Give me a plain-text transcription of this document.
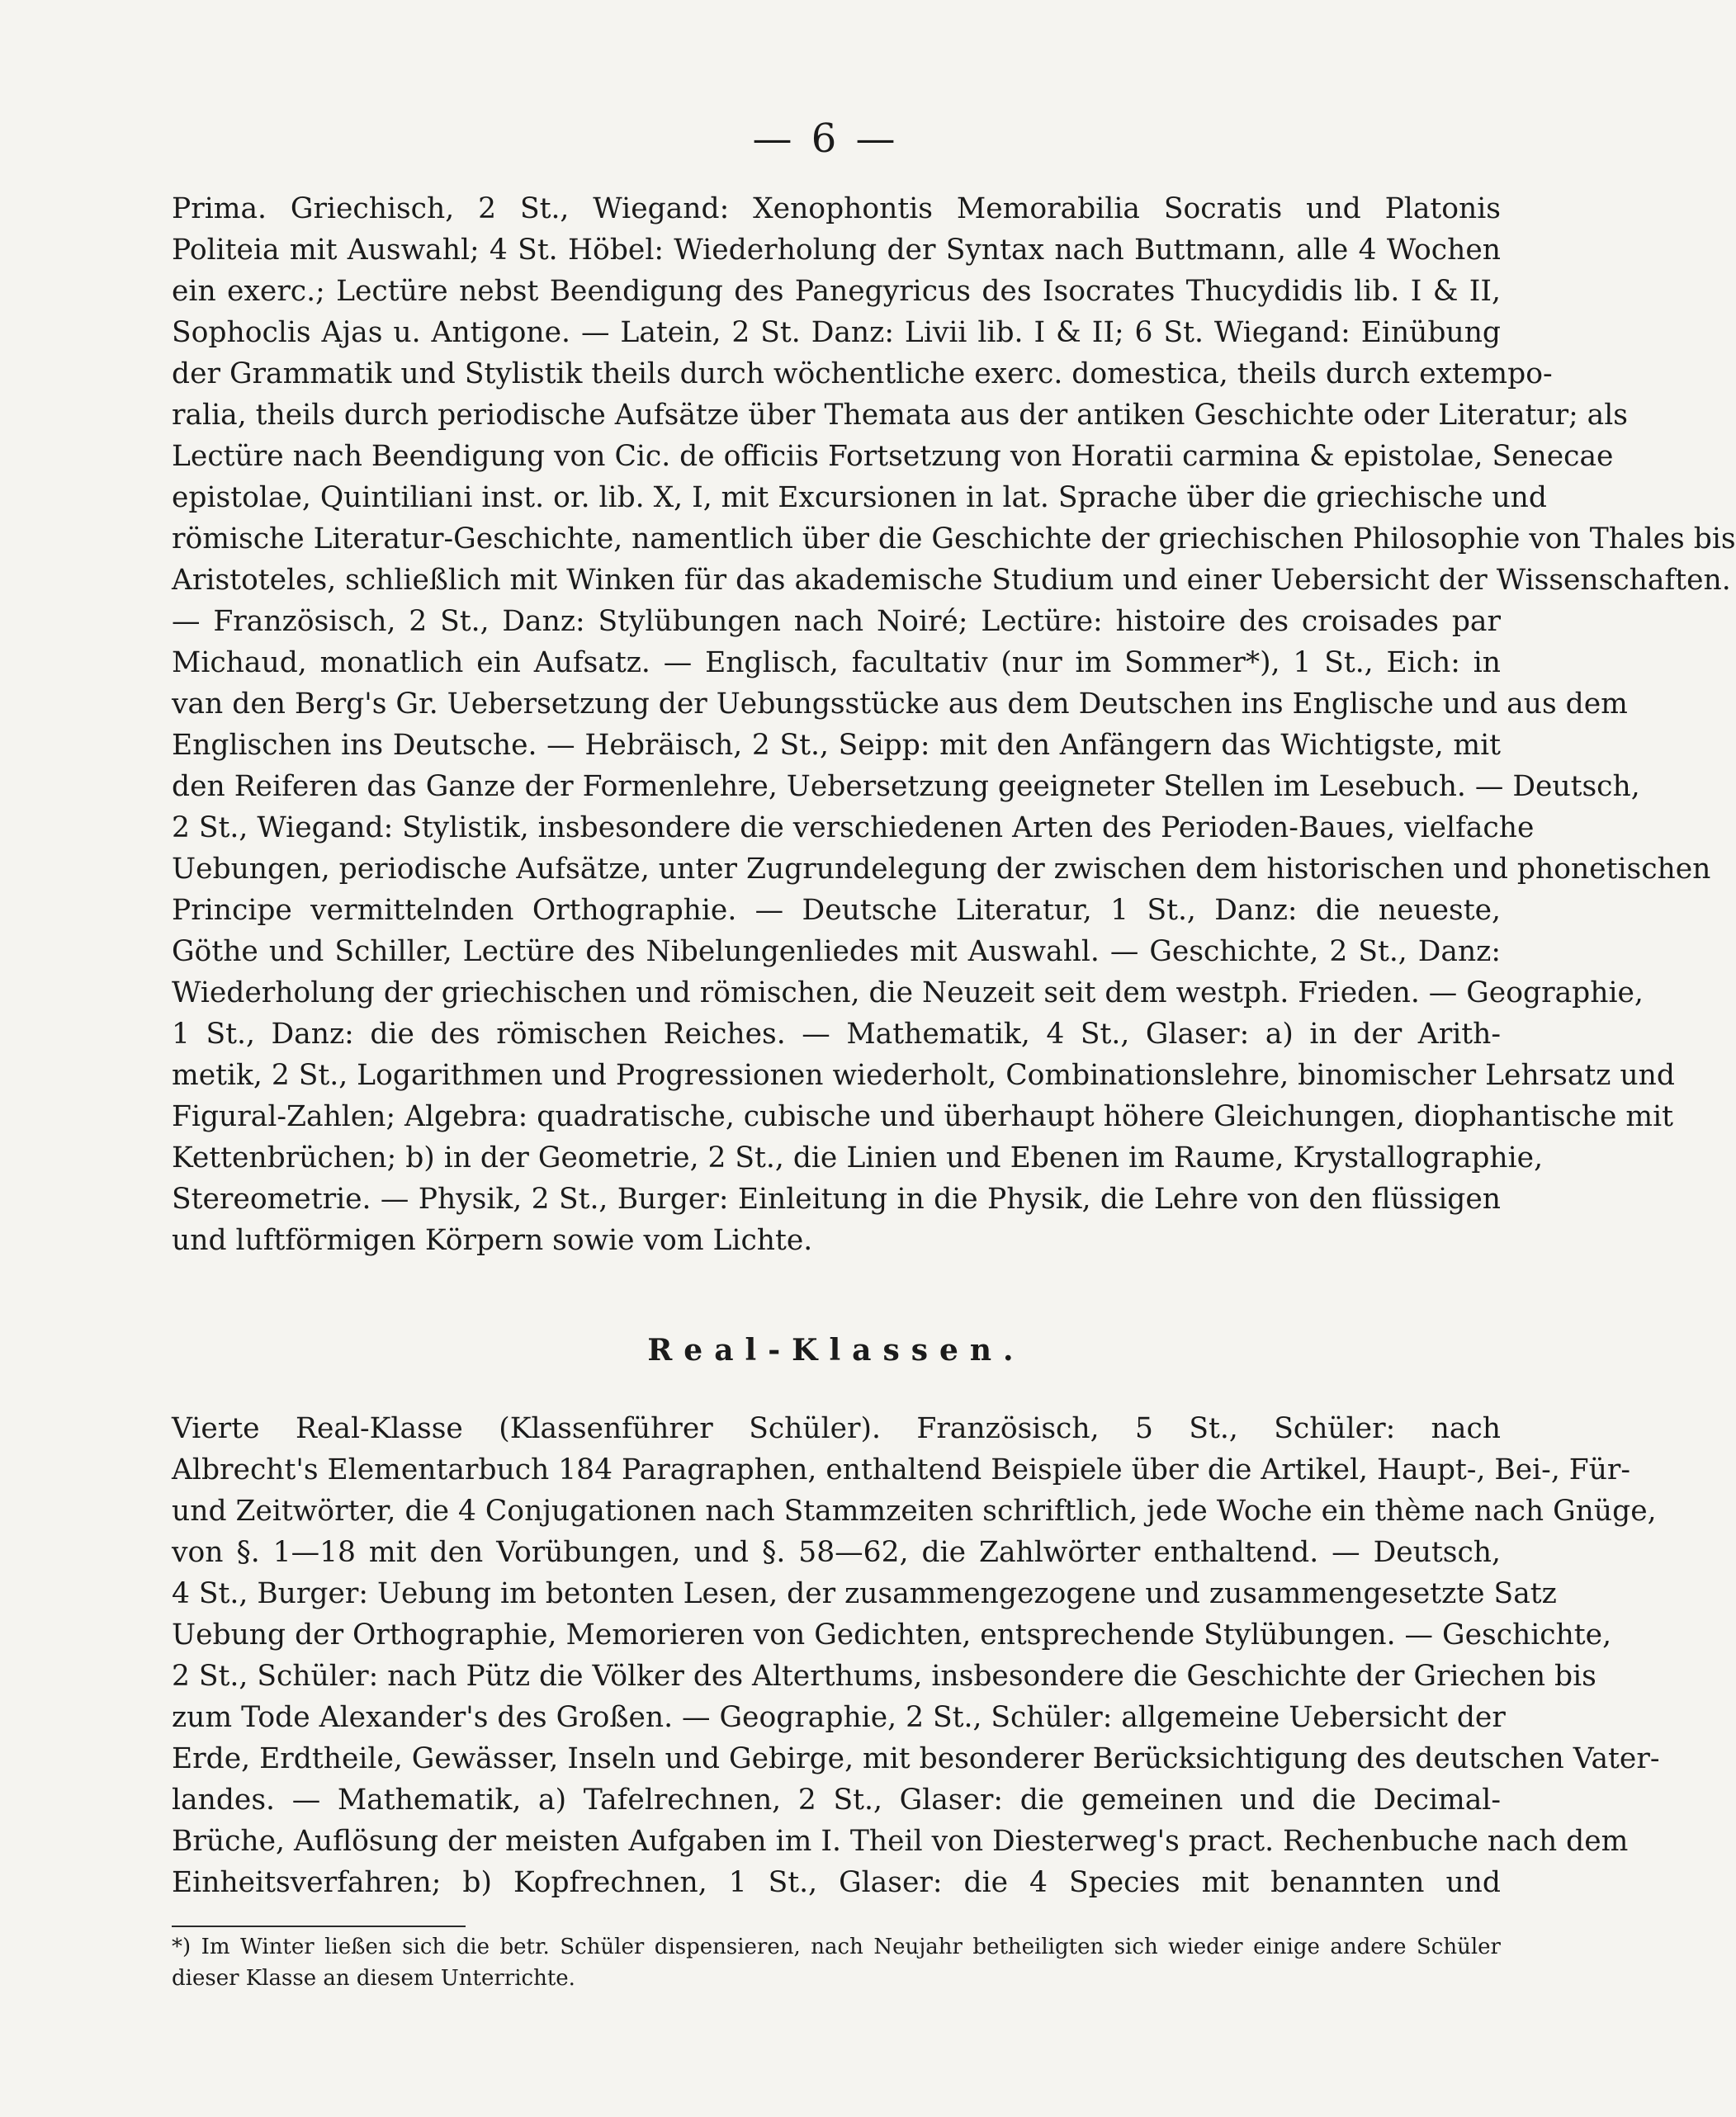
— 6 —
Prima. Griechisch, 2 St., Wiegand: Xenophontis Memorabilia Socratis und Platonis
Politeia mit Auswahl; 4 St. Höbel: Wiederholung der Syntax nach Buttmann, alle 4 Wochen
ein exerc.; Lectüre nebst Beendigung des Panegyricus des Isocrates Thucydidis lib. I & II,
Sophoclis Ajas u. Antigone. — Latein, 2 St. Danz: Livii lib. I & II; 6 St. Wiegand: Einübung
der Grammatik und Stylistik theils durch wöchentliche exerc. domestica, theils durch extempo-
ralia, theils durch periodische Aufsätze über Themata aus der antiken Geschichte oder Literatur; als
Lectüre nach Beendigung von Cic. de officiis Fortsetzung von Horatii carmina & epistolae, Senecae
epistolae, Quintiliani inst. or. lib. X, I, mit Excursionen in lat. Sprache über die griechische und
römische Literatur-Geschichte, namentlich über die Geschichte der griechischen Philosophie von Thales bis
Aristoteles, schließlich mit Winken für das akademische Studium und einer Uebersicht der Wissenschaften.
— Französisch, 2 St., Danz: Stylübungen nach Noiré; Lectüre: histoire des croisades par
Michaud, monatlich ein Aufsatz. — Englisch, facultativ (nur im Sommer*), 1 St., Eich: in
van den Berg's Gr. Uebersetzung der Uebungsstücke aus dem Deutschen ins Englische und aus dem
Englischen ins Deutsche. — Hebräisch, 2 St., Seipp: mit den Anfängern das Wichtigste, mit
den Reiferen das Ganze der Formenlehre, Uebersetzung geeigneter Stellen im Lesebuch. — Deutsch,
2 St., Wiegand: Stylistik, insbesondere die verschiedenen Arten des Perioden-Baues, vielfache
Uebungen, periodische Aufsätze, unter Zugrundelegung der zwischen dem historischen und phonetischen
Principe vermittelnden Orthographie. — Deutsche Literatur, 1 St., Danz: die neueste,
Göthe und Schiller, Lectüre des Nibelungenliedes mit Auswahl. — Geschichte, 2 St., Danz:
Wiederholung der griechischen und römischen, die Neuzeit seit dem westph. Frieden. — Geographie,
1 St., Danz: die des römischen Reiches. — Mathematik, 4 St., Glaser: a) in der Arith-
metik, 2 St., Logarithmen und Progressionen wiederholt, Combinationslehre, binomischer Lehrsatz und
Figural-Zahlen; Algebra: quadratische, cubische und überhaupt höhere Gleichungen, diophantische mit
Kettenbrüchen; b) in der Geometrie, 2 St., die Linien und Ebenen im Raume, Krystallographie,
Stereometrie. — Physik, 2 St., Burger: Einleitung in die Physik, die Lehre von den flüssigen
und luftförmigen Körpern sowie vom Lichte.
Real-Klassen.
Vierte Real-Klasse (Klassenführer Schüler). Französisch, 5 St., Schüler: nach
Albrecht's Elementarbuch 184 Paragraphen, enthaltend Beispiele über die Artikel, Haupt-, Bei-, Für-
und Zeitwörter, die 4 Conjugationen nach Stammzeiten schriftlich, jede Woche ein thème nach Gnüge,
von §. 1—18 mit den Vorübungen, und §. 58—62, die Zahlwörter enthaltend. — Deutsch,
4 St., Burger: Uebung im betonten Lesen, der zusammengezogene und zusammengesetzte Satz
Uebung der Orthographie, Memorieren von Gedichten, entsprechende Stylübungen. — Geschichte,
2 St., Schüler: nach Pütz die Völker des Alterthums, insbesondere die Geschichte der Griechen bis
zum Tode Alexander's des Großen. — Geographie, 2 St., Schüler: allgemeine Uebersicht der
Erde, Erdtheile, Gewässer, Inseln und Gebirge, mit besonderer Berücksichtigung des deutschen Vater-
landes. — Mathematik, a) Tafelrechnen, 2 St., Glaser: die gemeinen und die Decimal-
Brüche, Auflösung der meisten Aufgaben im I. Theil von Diesterweg's pract. Rechenbuche nach dem
Einheitsverfahren; b) Kopfrechnen, 1 St., Glaser: die 4 Species mit benannten und
*) Im Winter ließen sich die betr. Schüler dispensieren, nach Neujahr betheiligten sich wieder einige andere Schüler
dieser Klasse an diesem Unterrichte.
